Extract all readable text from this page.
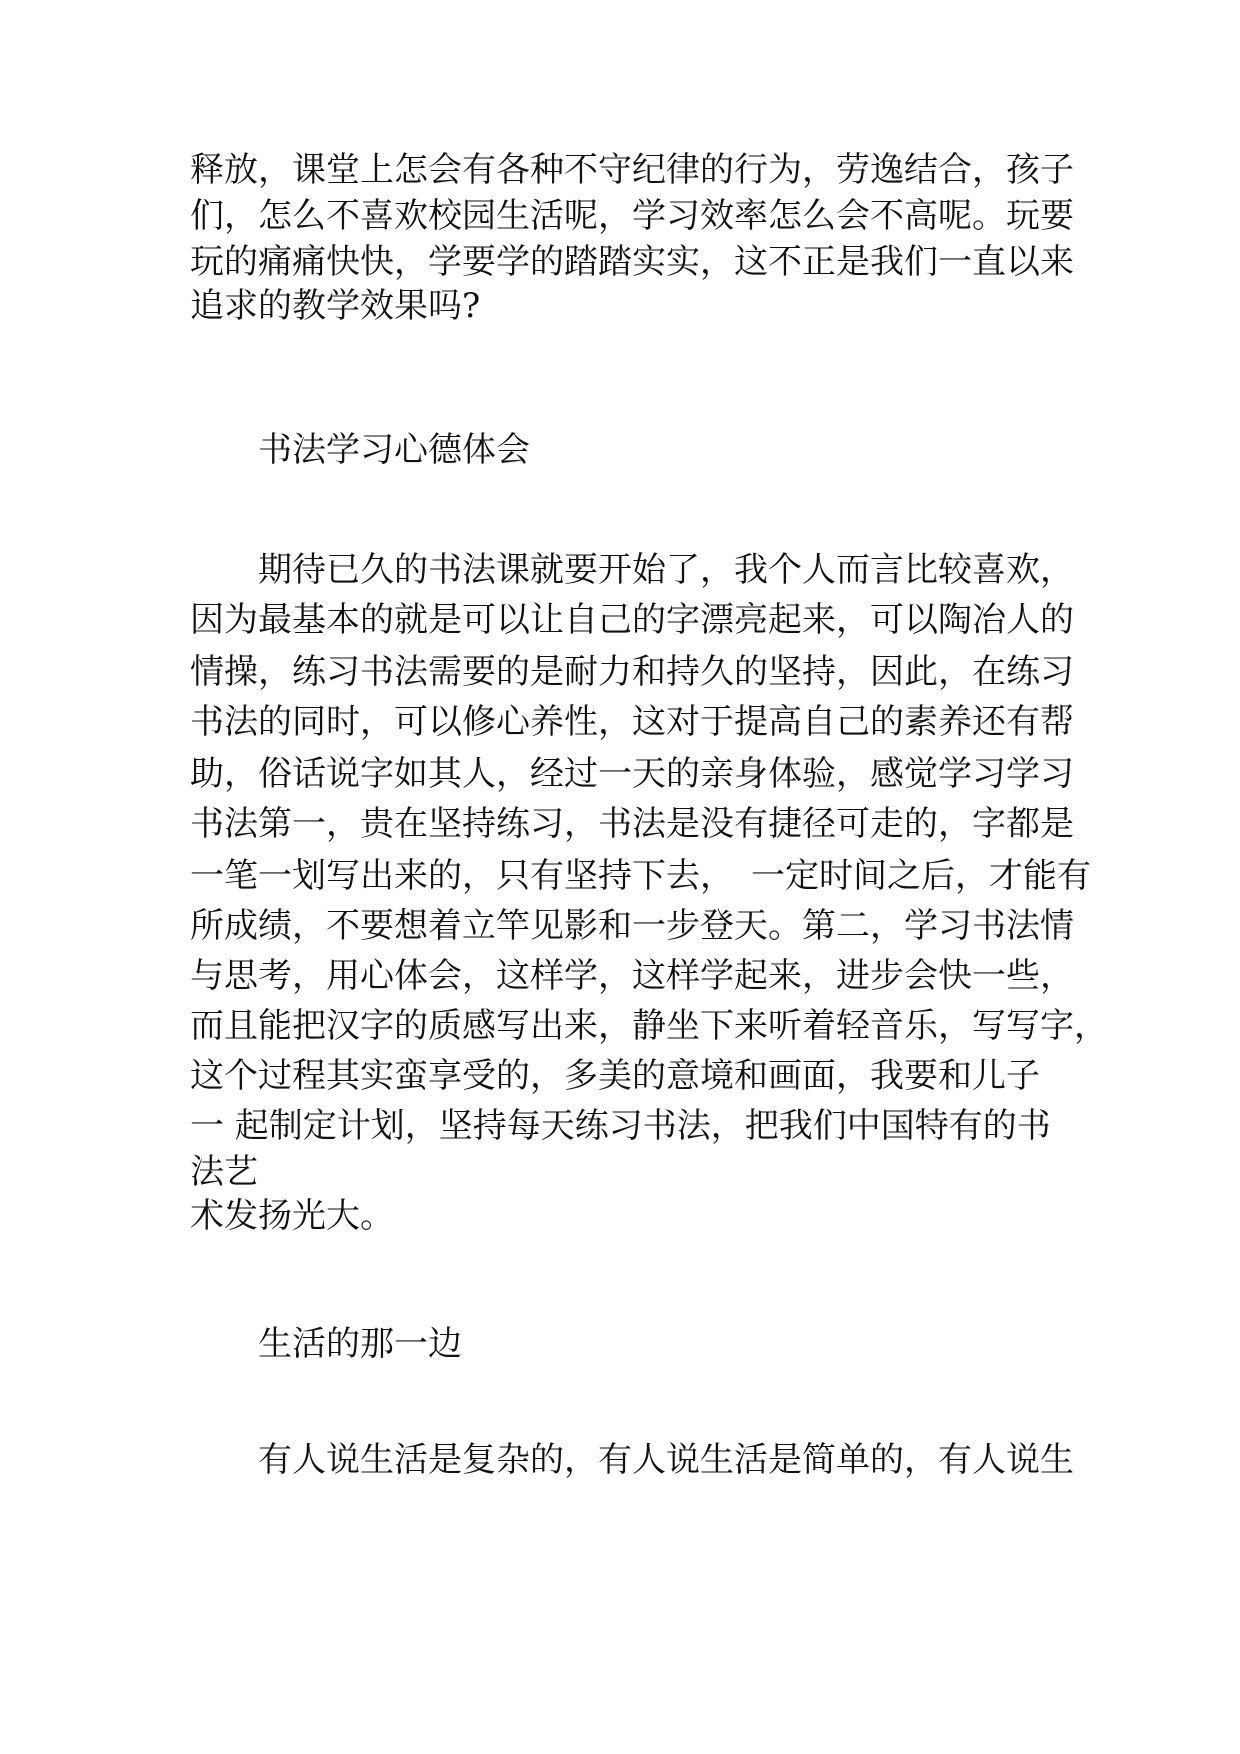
释放，课堂上怎会有各种不守纪律的行为，劳逸结合，孩子
们，怎么不喜欢校园生活呢，学习效率怎么会不高呢。玩要
玩的痛痛快快，学要学的踏踏实实，这不正是我们一直以来
追求的教学效果吗?
书法学习心德体会
期待已久的书法课就要开始了，我个人而言比较喜欢，
因为最基本的就是可以让自己的字漂亮起来，可以陶冶人的
情操，练习书法需要的是耐力和持久的坚持，因此，在练习
书法的同时，可以修心养性，这对于提高自己的素养还有帮
助，俗话说字如其人，经过一天的亲身体验，感觉学习学习
书法第一，贵在坚持练习，书法是没有捷径可走的，字都是
一笔一划写出来的，只有坚持下去，　一定时间之后，才能有
所成绩，不要想着立竿见影和一步登天。第二，学习书法情
与思考，用心体会，这样学，这样学起来，进步会快一些，
而且能把汉字的质感写出来，静坐下来听着轻音乐，写写字，
这个过程其实蛮享受的，多美的意境和画面，我要和儿子
一 起制定计划，坚持每天练习书法，把我们中国特有的书
法艺
术发扬光大。
生活的那一边
有人说生活是复杂的，有人说生活是简单的，有人说生
